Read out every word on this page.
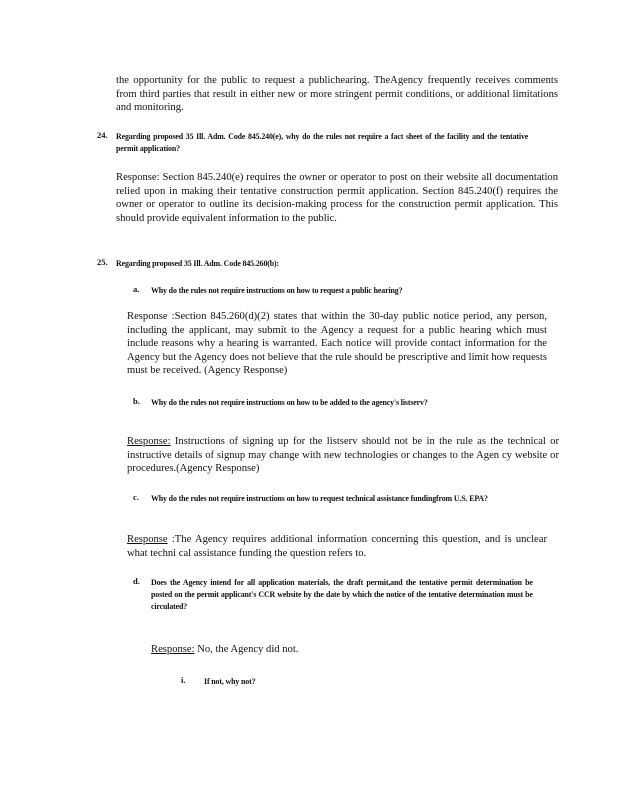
the opportunity for the public to request a publichearing. TheAgency frequently receives comments from third parties that result in either new or more stringent permit conditions, or additional limitations and monitoring.
24. Regarding proposed 35 Ill. Adm. Code 845.240(e), why do the rules not require a fact sheet of the facility and the tentative permit application?
Response: Section 845.240(e) requires the owner or operator to post on their website all documentation relied upon in making their tentative construction permit application. Section 845.240(f) requires the owner or operator to outline its decision-making process for the construction permit application. This should provide equivalent information to the public.
25. Regarding proposed 35 Ill. Adm. Code 845.260(b):
a. Why do the rules not require instructions on how to request a public hearing?
Response :Section 845.260(d)(2) states that within the 30-day public notice period, any person, including the applicant, may submit to the Agency a request for a public hearing which must include reasons why a hearing is warranted. Each notice will provide contact information for the Agency but the Agency does not believe that the rule should be prescriptive and limit how requests must be received. (Agency Response)
b. Why do the rules not require instructions on how to be added to the agency's listserv?
Response: Instructions of signing up for the listserv should not be in the rule as the technical or instructive details of signup may change with new technologies or changes to the Agen cy website or procedures.(Agency Response)
c. Why do the rules not require instructions on how to request technical assistance fundingfrom U.S. EPA?
Response :The Agency requires additional information concerning this question, and is unclear what techni cal assistance funding the question refers to.
d. Does the Agency intend for all application materials, the draft permit,and the tentative permit determination be posted on the permit applicant's CCR website by the date by which the notice of the tentative determination must be circulated?
Response: No, the Agency did not.
i. If not, why not?
